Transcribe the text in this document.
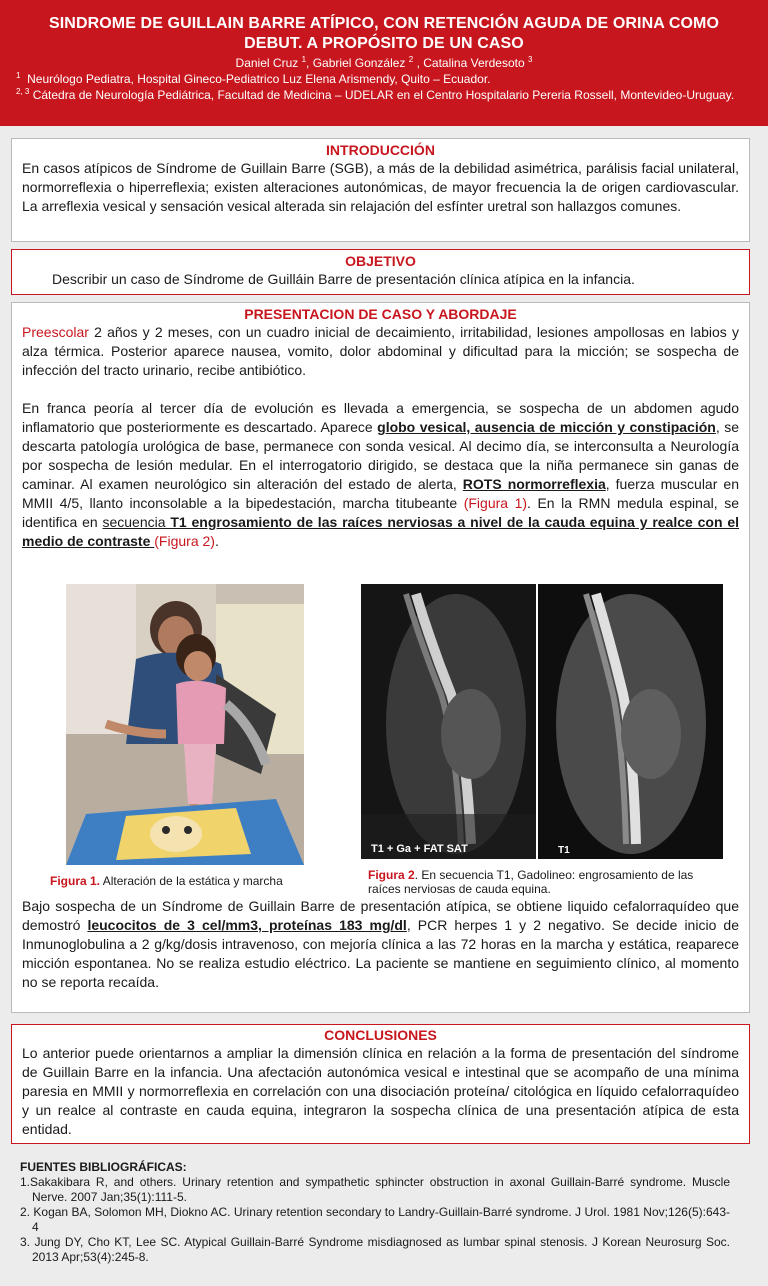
SINDROME DE GUILLAIN BARRE ATÍPICO, CON RETENCIÓN AGUDA DE ORINA COMO DEBUT. A PROPÓSITO DE UN CASO
Daniel Cruz $^1$, Gabriel González $^2$ , Catalina Verdesoto $^3$
$^1$ Neurólogo Pediatra, Hospital Gineco-Pediatrico Luz Elena Arismendy, Quito – Ecuador.
$^{2, 3}$ Cátedra de Neurología Pediátrica, Facultad de Medicina – UDELAR en el Centro Hospitalario Pereria Rossell, Montevideo-Uruguay.
INTRODUCCIÓN
En casos atípicos de Síndrome de Guillain Barre (SGB), a más de la debilidad asimétrica, parálisis facial unilateral, normorreflexia o hiperreflexia; existen alteraciones autonómicas, de mayor frecuencia la de origen cardiovascular. La arreflexia vesical y sensación vesical alterada sin relajación del esfínter uretral son hallazgos comunes.
OBJETIVO
Describir un caso de Síndrome de Guilláin Barre de presentación clínica atípica en la infancia.
PRESENTACION DE CASO Y ABORDAJE
Preescolar 2 años y 2 meses, con un cuadro inicial de decaimiento, irritabilidad, lesiones ampollosas en labios y alza térmica. Posterior aparece nausea, vomito, dolor abdominal y dificultad para la micción; se sospecha de infección del tracto urinario, recibe antibiótico.
En franca peoría al tercer día de evolución es llevada a emergencia, se sospecha de un abdomen agudo inflamatorio que posteriormente es descartado. Aparece globo vesical, ausencia de micción y constipación, se descarta patología urológica de base, permanece con sonda vesical. Al decimo día, se interconsulta a Neurología por sospecha de lesión medular. En el interrogatorio dirigido, se destaca que la niña permanece sin ganas de caminar. Al examen neurológico sin alteración del estado de alerta, ROTS normorreflexia, fuerza muscular en MMII 4/5, llanto inconsolable a la bipedestación, marcha titubeante (Figura 1). En la RMN medula espinal, se identifica en secuencia T1 engrosamiento de las raíces nerviosas a nivel de la cauda equina y realce con el medio de contraste (Figura 2).
Bajo sospecha de un Síndrome de Guillain Barre de presentación atípica, se obtiene liquido cefalorraquídeo que demostró leucocitos de 3 cel/mm3, proteínas 183 mg/dl, PCR herpes 1 y 2 negativo. Se decide inicio de Inmunoglobulina a 2 g/kg/dosis intravenoso, con mejoría clínica a las 72 horas en la marcha y estática, reaparece micción espontanea. No se realiza estudio eléctrico. La paciente se mantiene en seguimiento clínico, al momento no se reporta recaída.
T1 + Ga + FAT SAT	T1
Figura 1. Alteración de la estática y marcha	Figura 2. En secuencia T1, Gadolineo: engrosamiento de las raíces nerviosas de cauda equina.
CONCLUSIONES
Lo anterior puede orientarnos a ampliar la dimensión clínica en relación a la forma de presentación del síndrome de Guillain Barre en la infancia. Una afectación autonómica vesical e intestinal que se acompaño de una mínima paresia en MMII y normorreflexia en correlación con una disociación proteína/ citológica en líquido cefalorraquídeo y un realce al contraste en cauda equina, integraron la sospecha clínica de una presentación atípica de esta entidad.
FUENTES BIBLIOGRÁFICAS:
1.Sakakibara R, and others. Urinary retention and sympathetic sphincter obstruction in axonal Guillain-Barré syndrome. Muscle Nerve. 2007 Jan;35(1):111-5.
2. Kogan BA, Solomon MH, Diokno AC. Urinary retention secondary to Landry-Guillain-Barré syndrome. J Urol. 1981 Nov;126(5):643-4
3. Jung DY, Cho KT, Lee SC. Atypical Guillain-Barré Syndrome misdiagnosed as lumbar spinal stenosis. J Korean Neurosurg Soc. 2013 Apr;53(4):245-8.
